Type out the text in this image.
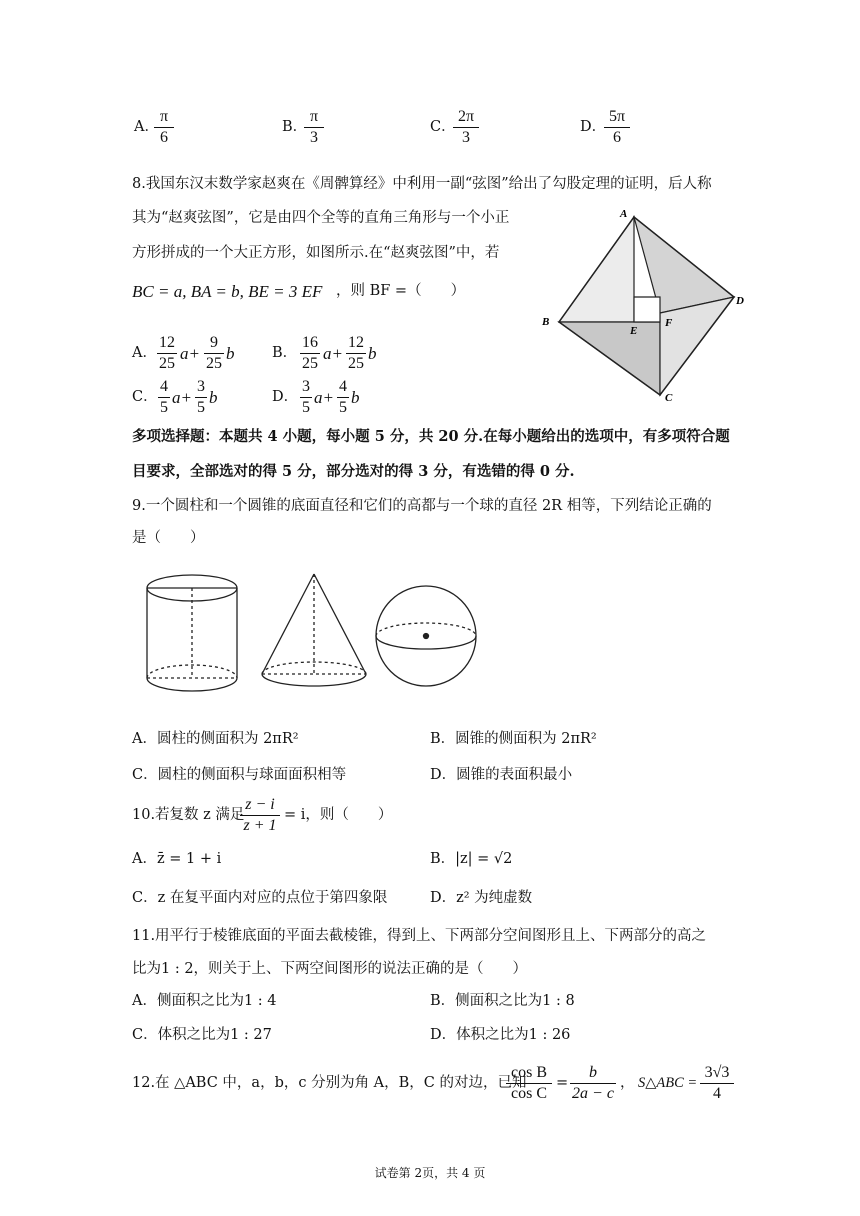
A．
π
6
B．
π
3
C．
2π
3
D．
5π
6
8.我国东汉末数学家赵爽在《周髀算经》中利用一副“弦图”给出了勾股定理的证明，后人称
其为“赵爽弦图”，它是由四个全等的直角三角形与一个小正
方形拼成的一个大正方形，如图所示.在“赵爽弦图”中，若
BC = a, BA = b, BE = 3 EF ，则 BF =（　　）
A．
12
25
a+
9
25
b	B．
16
25
a+
12
25
b
C．
4
5
a+
3
5
b	D．
3
5
a+
4
5
b
A
B
C
D
E
F
多项选择题：本题共 4 小题，每小题 5 分，共 20 分.在每小题给出的选项中，有多项符合题
目要求，全部选对的得 5 分，部分选对的得 3 分，有选错的得 0 分.
9.一个圆柱和一个圆锥的底面直径和它们的高都与一个球的直径 2R 相等，下列结论正确的
是（　　）
A．圆柱的侧面积为 2πR²	B．圆锥的侧面积为 2πR²
C．圆柱的侧面积与球面面积相等	D．圆锥的表面积最小
10.若复数 z 满足
z − i
z + 1
= i，则（　　）
A．z̄ = 1 + i	B．|z| = √2
C．z 在复平面内对应的点位于第四象限	D．z² 为纯虚数
11.用平行于棱锥底面的平面去截棱锥，得到上、下两部分空间图形且上、下两部分的高之
比为1 : 2，则关于上、下两空间图形的说法正确的是（　　）
A．侧面积之比为1 : 4	B．侧面积之比为1 : 8
C．体积之比为1 : 27	D．体积之比为1 : 26
12.在 △ABC 中，a，b，c 分别为角 A，B，C 的对边，已知
cos B
cos C
=
b
2a − c
， S△ABC =
3√3
4
试卷第 2页，共 4 页
